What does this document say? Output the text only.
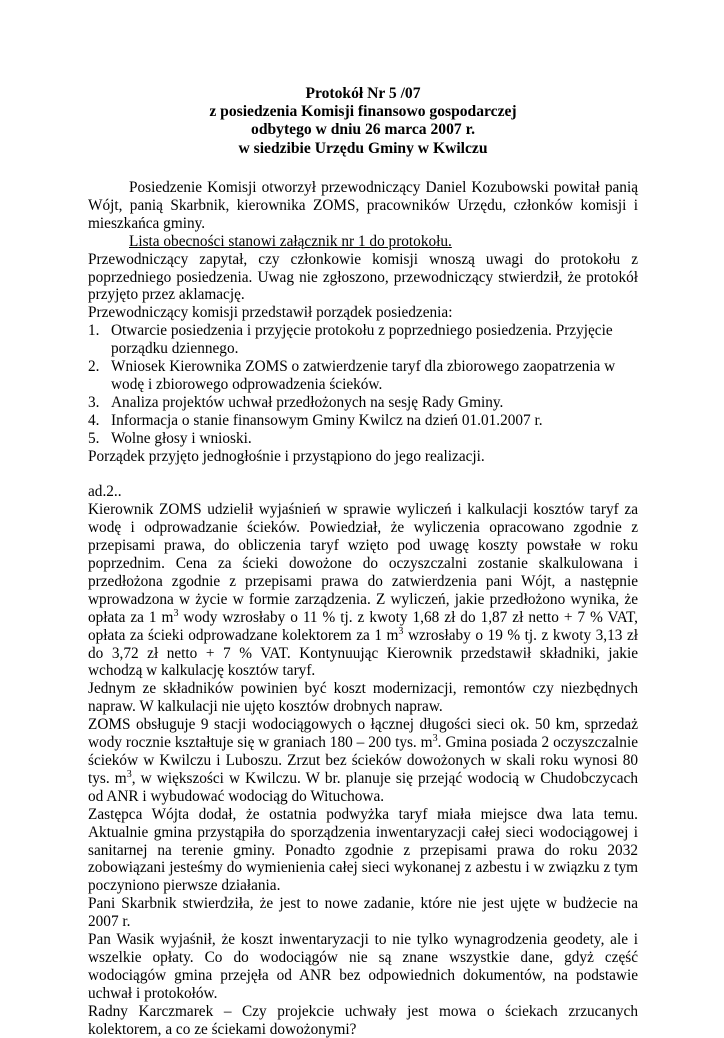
Protokół Nr 5 /07
z posiedzenia Komisji finansowo gospodarczej
odbytego w dniu 26 marca 2007 r.
w siedzibie Urzędu Gminy w Kwilczu

Posiedzenie Komisji otworzył przewodniczący Daniel Kozubowski powitał panią Wójt, panią Skarbnik, kierownika ZOMS, pracowników Urzędu, członków komisji i mieszkańca gminy.

Lista obecności stanowi załącznik nr 1 do protokołu.

Przewodniczący zapytał, czy członkowie komisji wnoszą uwagi do protokołu z poprzedniego posiedzenia. Uwag nie zgłoszono, przewodniczący stwierdził, że protokół przyjęto przez aklamację.

Przewodniczący komisji przedstawił porządek posiedzenia:

1. Otwarcie posiedzenia i przyjęcie protokołu z poprzedniego posiedzenia. Przyjęcie porządku dziennego.
2. Wniosek Kierownika ZOMS o zatwierdzenie taryf dla zbiorowego zaopatrzenia w wodę i zbiorowego odprowadzenia ścieków.
3. Analiza projektów uchwał przedłożonych na sesję Rady Gminy.
4. Informacja o stanie finansowym Gminy Kwilcz na dzień 01.01.2007 r.
5. Wolne głosy i wnioski.

Porządek przyjęto jednogłośnie i przystąpiono do jego realizacji.

ad.2..

Kierownik ZOMS udzielił wyjaśnień w sprawie wyliczeń i kalkulacji kosztów taryf za wodę i odprowadzanie ścieków. Powiedział, że wyliczenia opracowano zgodnie z przepisami prawa, do obliczenia taryf wzięto pod uwagę koszty powstałe w roku poprzednim. Cena za ścieki dowożone do oczyszczalni zostanie skalkulowana i przedłożona zgodnie z przepisami prawa do zatwierdzenia pani Wójt, a następnie wprowadzona w życie w formie zarządzenia. Z wyliczeń, jakie przedłożono wynika, że opłata za 1 $m^3$ wody wzrosłaby o 11 % tj. z kwoty 1,68 zł do 1,87 zł netto + 7 % VAT, opłata za ścieki odprowadzane kolektorem za 1 $m^3$ wzrosłaby o 19 % tj. z kwoty 3,13 zł do 3,72 zł netto + 7 % VAT. Kontynuując Kierownik przedstawił składniki, jakie wchodzą w kalkulację kosztów taryf.

Jednym ze składników powinien być koszt modernizacji, remontów czy niezbędnych napraw. W kalkulacji nie ujęto kosztów drobnych napraw.

ZOMS obsługuje 9 stacji wodociągowych o łącznej długości sieci ok. 50 km, sprzedaż wody rocznie kształtuje się w graniach 180 – 200 tys. $m^3$. Gmina posiada 2 oczyszczalnie ścieków w Kwilczu i Luboszu. Zrzut bez ścieków dowożonych w skali roku wynosi 80 tys. $m^3$, w większości w Kwilczu. W br. planuje się przejąć wodocią w Chudobczycach od ANR i wybudować wodociąg do Wituchowa.

Zastępca Wójta dodał, że ostatnia podwyżka taryf miała miejsce dwa lata temu. Aktualnie gmina przystąpiła do sporządzenia inwentaryzacji całej sieci wodociągowej i sanitarnej na terenie gminy. Ponadto zgodnie z przepisami prawa do roku 2032 zobowiązani jesteśmy do wymienienia całej sieci wykonanej z azbestu i w związku z tym poczyniono pierwsze działania.

Pani Skarbnik stwierdziła, że jest to nowe zadanie, które nie jest ujęte w budżecie na 2007 r.

Pan Wasik wyjaśnił, że koszt inwentaryzacji to nie tylko wynagrodzenia geodety, ale i wszelkie opłaty. Co do wodociągów nie są znane wszystkie dane, gdyż część wodociągów gmina przejęła od ANR bez odpowiednich dokumentów, na podstawie uchwał i protokołów.

Radny Karczmarek – Czy projekcie uchwały jest mowa o ściekach zrzucanych kolektorem, a co ze ściekami dowożonymi?
